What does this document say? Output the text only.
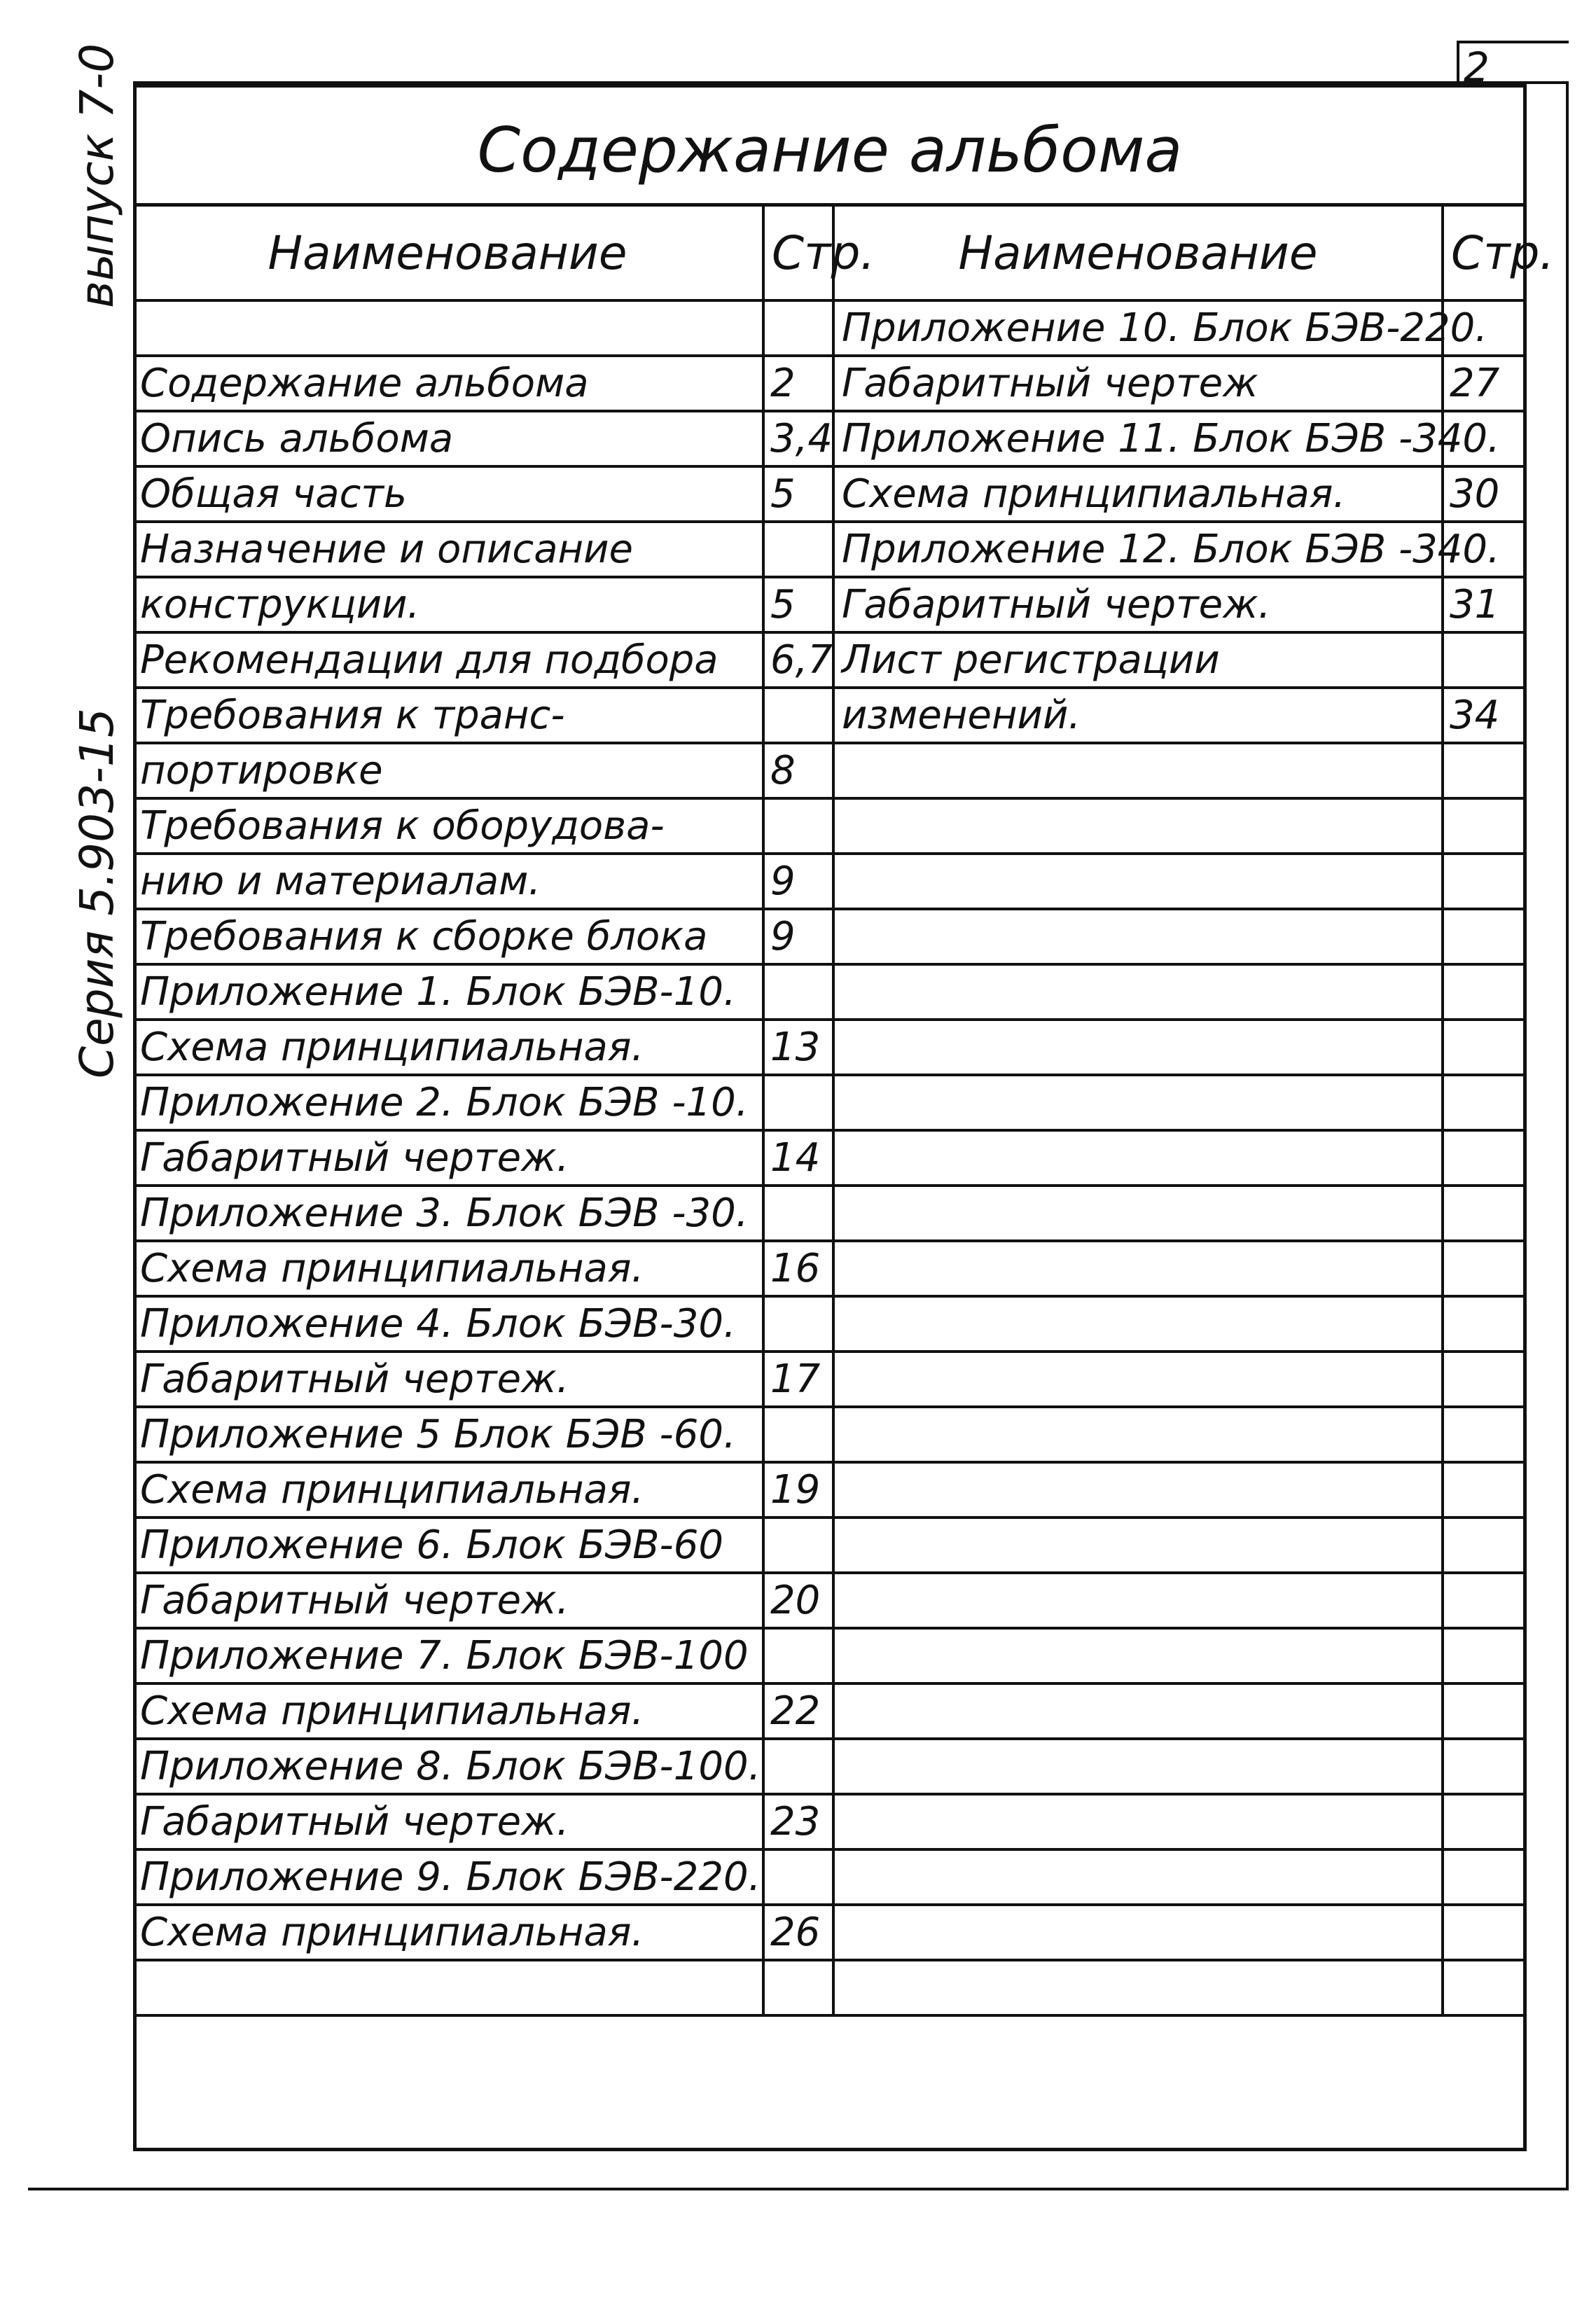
2
выпуск 7-0
Серия 5.903-15
Содержание альбома
Наименование	Стр.	Наименование	Стр.
		Приложение 10. Блок БЭВ-220.	
Содержание альбома	2	Габаритный чертеж	27
Опись альбома	3,4	Приложение 11. Блок БЭВ -340.	
Общая часть	5	Схема принципиальная.	30
Назначение и описание		Приложение 12. Блок БЭВ -340.	
конструкции.	5	Габаритный чертеж.	31
Рекомендации для подбора	6,7	Лист регистрации	
Требования к транс-		изменений.	34
портировке	8		
Требования к оборудова-			
нию и материалам.	9		
Требования к сборке блока	9		
Приложение 1. Блок БЭВ-10.			
Схема принципиальная.	13		
Приложение 2. Блок БЭВ -10.			
Габаритный чертеж.	14		
Приложение 3. Блок БЭВ -30.			
Схема принципиальная.	16		
Приложение 4. Блок БЭВ-30.			
Габаритный чертеж.	17		
Приложение 5 Блок БЭВ -60.			
Схема принципиальная.	19		
Приложение 6. Блок БЭВ-60			
Габаритный чертеж.	20		
Приложение 7. Блок БЭВ-100			
Схема принципиальная.	22		
Приложение 8. Блок БЭВ-100.			
Габаритный чертеж.	23		
Приложение 9. Блок БЭВ-220.			
Схема принципиальная.	26		
